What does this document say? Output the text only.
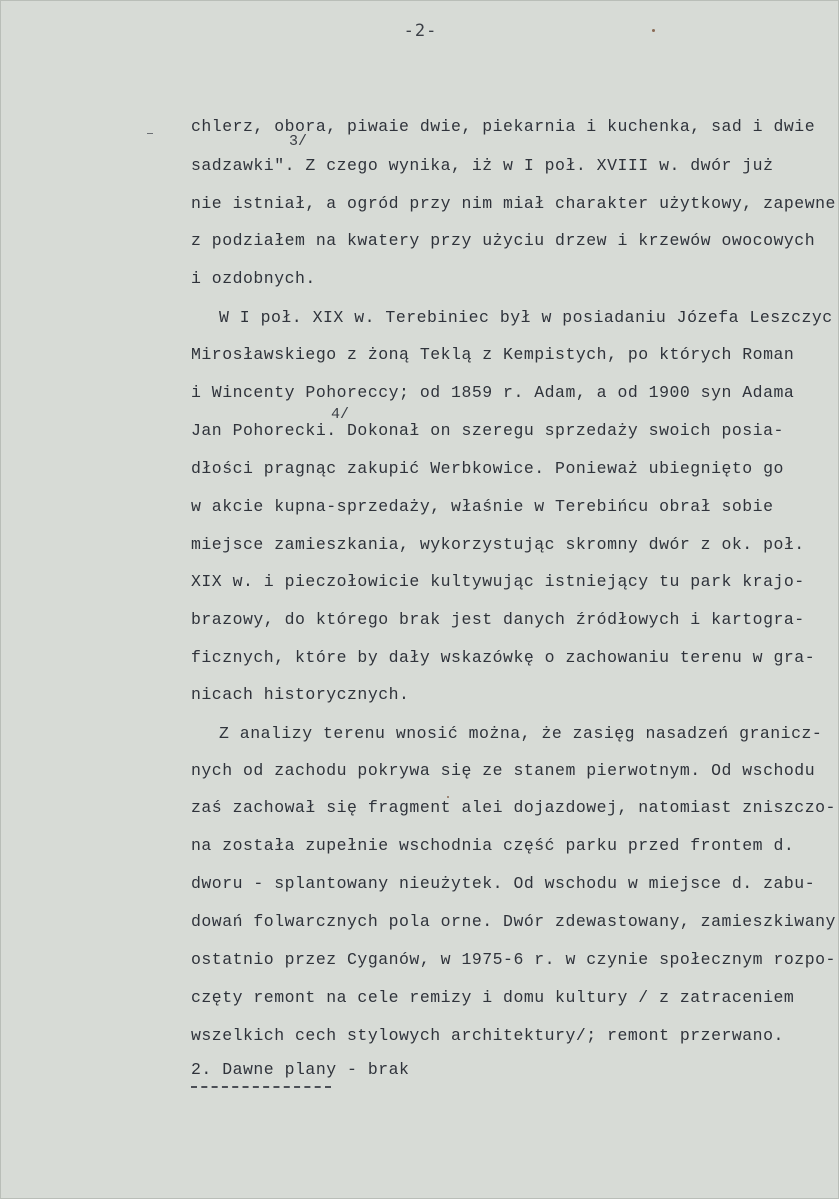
-2-
3/
4/
chlerz, obora, piwaie dwie, piekarnia i kuchenka, sad i dwie
sadzawki". Z czego wynika, iż w I poł. XVIII w. dwór już
nie istniał, a ogród przy nim miał charakter użytkowy, zapewne
z podziałem na kwatery przy użyciu drzew i krzewów owocowych
i ozdobnych.
W I poł. XIX w. Terebiniec był w posiadaniu Józefa Leszczyc
Mirosławskiego z żoną Teklą z Kempistych, po których Roman
i Wincenty Pohoreccy; od 1859 r. Adam, a od 1900 syn Adama
Jan Pohorecki. Dokonał on szeregu sprzedaży swoich posia-
dłości pragnąc zakupić Werbkowice. Ponieważ ubiegnięto go
w akcie kupna-sprzedaży, właśnie w Terebińcu obrał sobie
miejsce zamieszkania, wykorzystując skromny dwór z ok. poł.
XIX w. i pieczołowicie kultywując istniejący tu park krajo-
brazowy, do którego brak jest danych źródłowych i kartogra-
ficznych, które by dały wskazówkę o zachowaniu terenu w gra-
nicach historycznych.
Z analizy terenu wnosić można, że zasięg nasadzeń granicz-
nych od zachodu pokrywa się ze stanem pierwotnym. Od wschodu
zaś zachował się fragment alei dojazdowej, natomiast zniszczo-
na została zupełnie wschodnia część parku przed frontem d.
dworu - splantowany nieużytek. Od wschodu w miejsce d. zabu-
dowań folwarcznych pola orne. Dwór zdewastowany, zamieszkiwany
ostatnio przez Cyganów, w 1975-6 r. w czynie społecznym rozpo-
częty remont na cele remizy i domu kultury / z zatraceniem
wszelkich cech stylowych architektury/; remont przerwano.
2. Dawne plany - brak
